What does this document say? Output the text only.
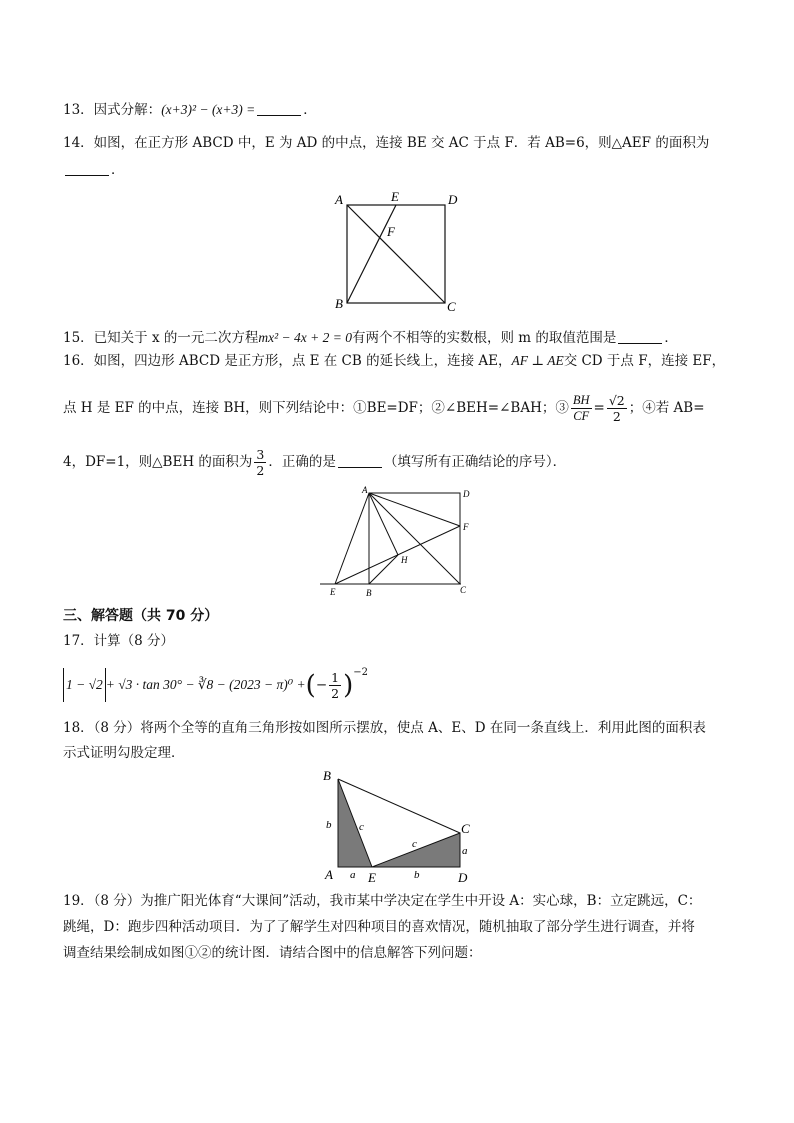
13．因式分解：(x+3)² − (x+3) =	．
14．如图，在正方形 ABCD 中，E 为 AD 的中点，连接 BE 交 AC 于点 F．若 AB=6，则△AEF 的面积为
．
A	E	D
F
B	C
15．已知关于 x 的一元二次方程mx² − 4x + 2 = 0有两个不相等的实数根，则 m 的取值范围是	．
16．如图，四边形 ABCD 是正方形，点 E 在 CB 的延长线上，连接 AE，AF ⊥ AE交 CD 于点 F，连接 EF，
点 H 是 EF 的中点，连接 BH，则下列结论中：①BE=DF；②∠BEH=∠BAH；③ $\frac{BH}{CF} = \frac{√2}{2}$ ；④若 AB=
4，DF=1，则△BEH 的面积为 $\frac{3}{2}$ ．正确的是	（填写所有正确结论的序号）．
A	D
F
H
E	B	C
三、解答题（共 70 分）
17．计算（8 分）
1 − √2 + √3 · tan 30° − ∛8 − (2023 − π)⁰ +(− $\frac{1}{2} )^{-2}$
18．（8 分）将两个全等的直角三角形按如图所示摆放，使点 A、E、D 在同一条直线上．利用此图的面积表
示式证明勾股定理．
B
b	c
c
C
a
A a E	b	D
19．（8 分）为推广阳光体育“大课间”活动，我市某中学决定在学生中开设 A：实心球，B：立定跳远，C：
跳绳，D：跑步四种活动项目．为了了解学生对四种项目的喜欢情况，随机抽取了部分学生进行调查，并将
调查结果绘制成如图①②的统计图．请结合图中的信息解答下列问题：
